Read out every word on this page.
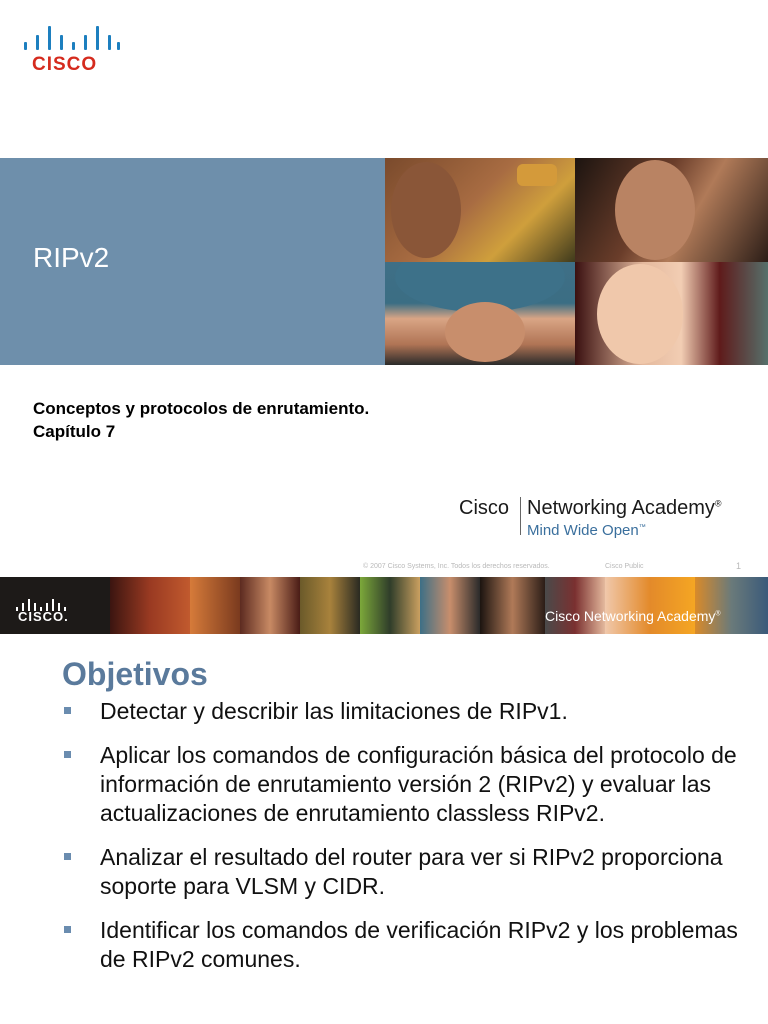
CISCO
RIPv2
Conceptos y protocolos de enrutamiento.
Capítulo 7
Cisco Networking Academy®
Mind Wide Open™
© 2007 Cisco Systems, Inc. Todos los derechos reservados.	Cisco Public	1
CISCO.	Cisco Networking Academy®
Objetivos
Detectar y describir las limitaciones de RIPv1.
Aplicar los comandos de configuración básica del protocolo de información de enrutamiento versión 2 (RIPv2) y evaluar las actualizaciones de enrutamiento classless RIPv2.
Analizar el resultado del router para ver si RIPv2 proporciona soporte para VLSM y CIDR.
Identificar los comandos de verificación RIPv2 y los problemas de RIPv2 comunes.
